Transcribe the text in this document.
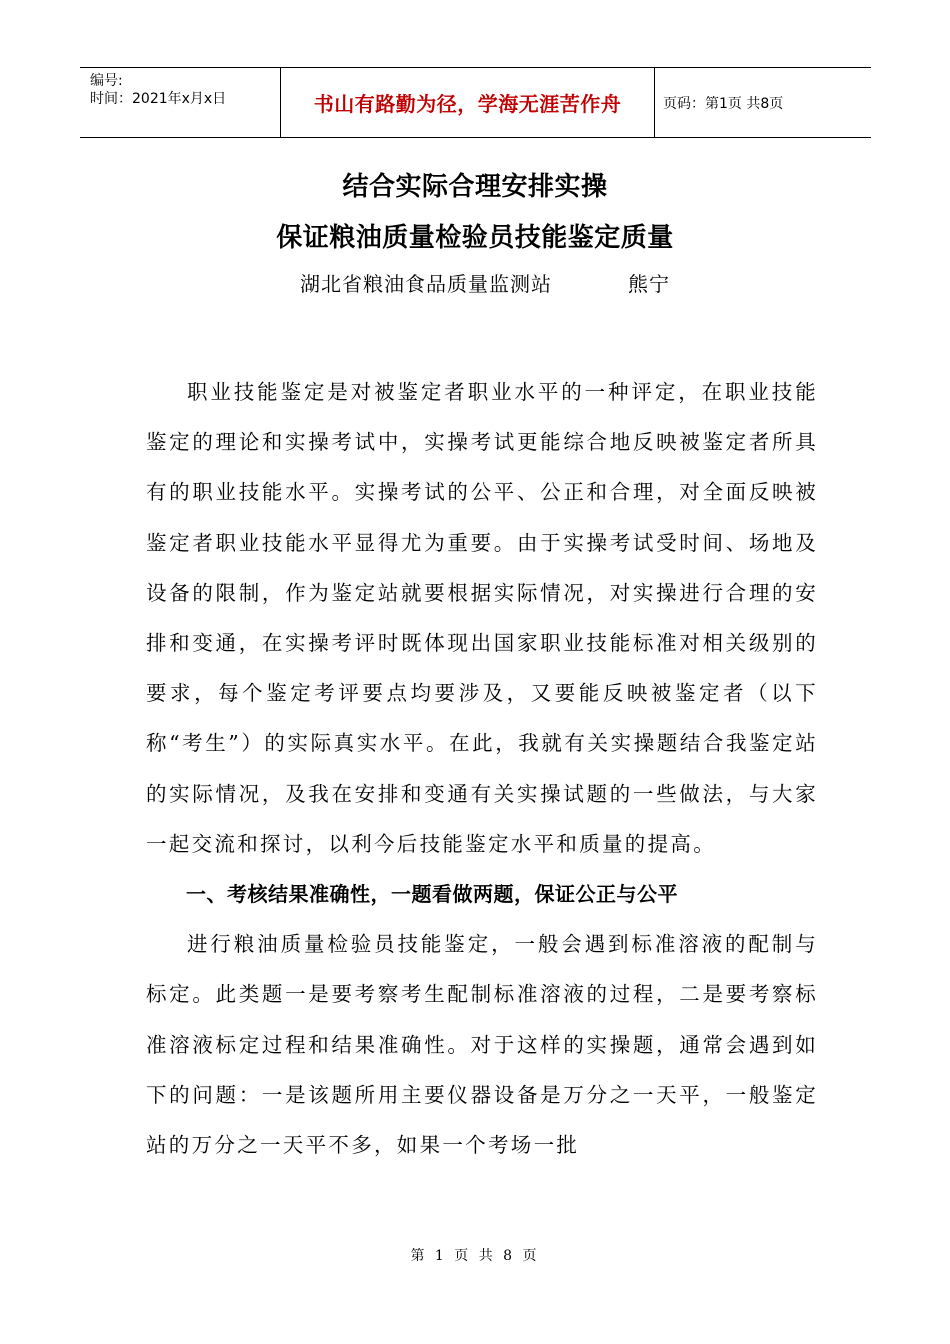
编号:
时间：2021年x月x日	书山有路勤为径，学海无涯苦作舟	页码：第1页 共8页
结合实际合理安排实操
保证粮油质量检验员技能鉴定质量
湖北省粮油食品质量监测站	熊宁

职业技能鉴定是对被鉴定者职业水平的一种评定，在职业技能鉴定的理论和实操考试中，实操考试更能综合地反映被鉴定者所具有的职业技能水平。实操考试的公平、公正和合理，对全面反映被鉴定者职业技能水平显得尤为重要。由于实操考试受时间、场地及设备的限制，作为鉴定站就要根据实际情况，对实操进行合理的安排和变通，在实操考评时既体现出国家职业技能标准对相关级别的要求，每个鉴定考评要点均要涉及，又要能反映被鉴定者（以下称“考生”）的实际真实水平。在此，我就有关实操题结合我鉴定站的实际情况，及我在安排和变通有关实操试题的一些做法，与大家一起交流和探讨，以利今后技能鉴定水平和质量的提高。

一、考核结果准确性，一题看做两题，保证公正与公平

进行粮油质量检验员技能鉴定，一般会遇到标准溶液的配制与标定。此类题一是要考察考生配制标准溶液的过程，二是要考察标准溶液标定过程和结果准确性。对于这样的实操题，通常会遇到如下的问题：一是该题所用主要仪器设备是万分之一天平，一般鉴定站的万分之一天平不多，如果一个考场一批

第 1 页 共 8 页
